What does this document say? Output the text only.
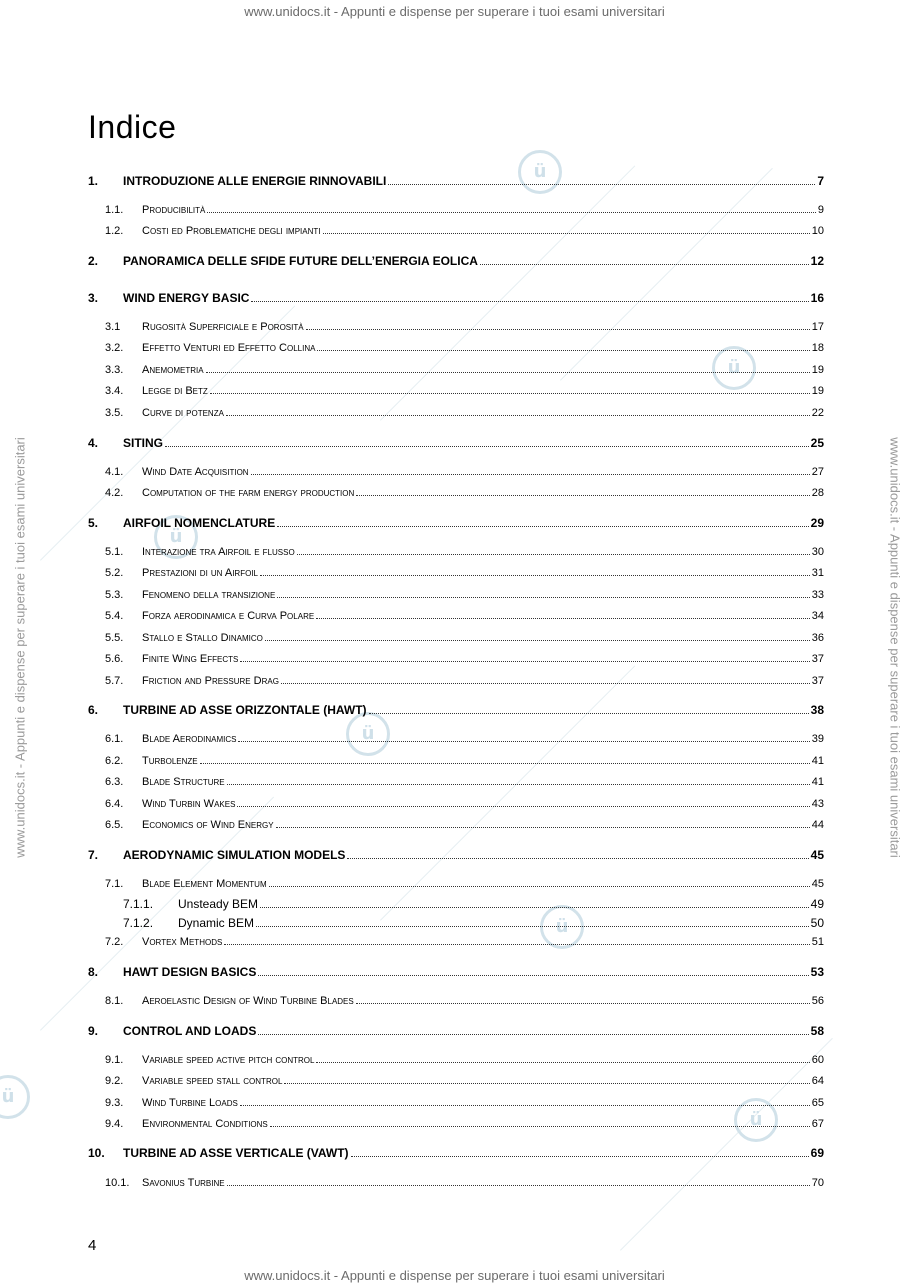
ü
ü
ü
ü
ü
ü
ü
www.unidocs.it - Appunti e dispense per superare i tuoi esami universitari
www.unidocs.it - Appunti e dispense per superare i tuoi esami universitari	www.unidocs.it - Appunti e dispense per superare i tuoi esami universitari
Indice
1.	INTRODUZIONE ALLE ENERGIE RINNOVABILI	7
1.1.	Producibilità	9
1.2.	Costi ed Problematiche degli impianti	10
2.	PANORAMICA DELLE SFIDE FUTURE DELL’ENERGIA EOLICA	12
3.	WIND ENERGY BASIC	16
3.1	Rugosità Superficiale e Porosità	17
3.2.	Effetto Venturi ed Effetto Collina	18
3.3.	Anemometria	19
3.4.	Legge di Betz	19
3.5.	Curve di potenza	22
4.	SITING	25
4.1.	Wind Date Acquisition	27
4.2.	Computation of the farm energy production	28
5.	AIRFOIL NOMENCLATURE	29
5.1.	Interazione tra Airfoil e flusso	30
5.2.	Prestazioni di un Airfoil	31
5.3.	Fenomeno della transizione	33
5.4.	Forza aerodinamica e Curva Polare	34
5.5.	Stallo e Stallo Dinamico	36
5.6.	Finite Wing Effects	37
5.7.	Friction and Pressure Drag	37
6.	TURBINE AD ASSE ORIZZONTALE (HAWT)	38
6.1.	Blade Aerodinamics	39
6.2.	Turbolenze	41
6.3.	Blade Structure	41
6.4.	Wind Turbin Wakes	43
6.5.	Economics of Wind Energy	44
7.	AERODYNAMIC SIMULATION MODELS	45
7.1.	Blade Element Momentum	45
7.1.1.	Unsteady BEM	49
7.1.2.	Dynamic BEM	50
7.2.	Vortex Methods	51
8.	HAWT DESIGN BASICS	53
8.1.	Aeroelastic Design of Wind Turbine Blades	56
9.	CONTROL AND LOADS	58
9.1.	Variable speed active pitch control	60
9.2.	Variable speed stall control	64
9.3.	Wind Turbine Loads	65
9.4.	Environmental Conditions	67
10.	TURBINE AD ASSE VERTICALE (VAWT)	69
10.1.	Savonius Turbine	70
4
www.unidocs.it - Appunti e dispense per superare i tuoi esami universitari
